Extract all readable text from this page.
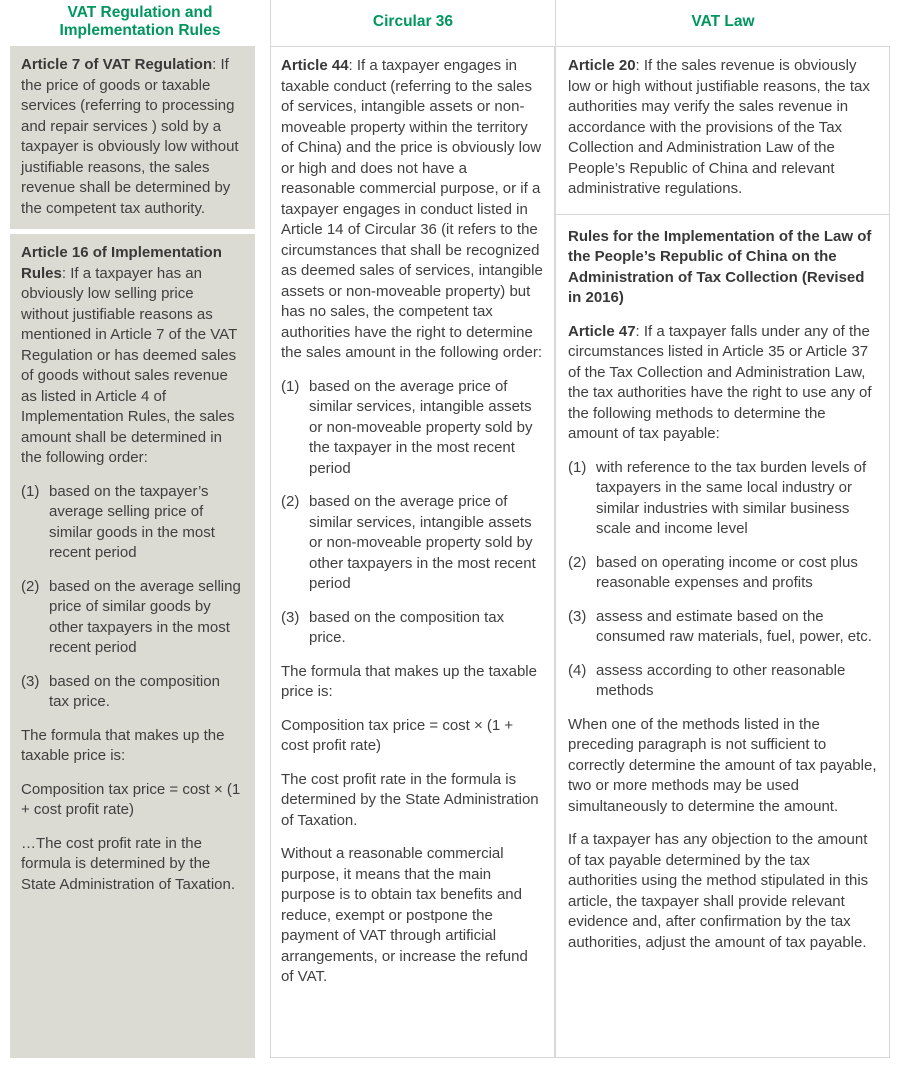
VAT Regulation and Implementation Rules
Circular 36	VAT Law

Article 7 of VAT Regulation: If the price of goods or taxable services (referring to processing and repair services ) sold by a taxpayer is obviously low without justifiable reasons, the sales revenue shall be determined by the competent tax authority.

Article 16 of Implementation Rules: If a taxpayer has an obviously low selling price without justifiable reasons as mentioned in Article 7 of the VAT Regulation or has deemed sales of goods without sales revenue as listed in Article 4 of Implementation Rules, the sales amount shall be determined in the following order:

(1) based on the taxpayer’s average selling price of similar goods in the most recent period
(2) based on the average selling price of similar goods by other taxpayers in the most recent period
(3) based on the composition tax price.

The formula that makes up the taxable price is:

Composition tax price = cost × (1 + cost profit rate)

…The cost profit rate in the formula is determined by the State Administration of Taxation.

Article 44: If a taxpayer engages in taxable conduct (referring to the sales of services, intangible assets or non-moveable property within the territory of China) and the price is obviously low or high and does not have a reasonable commercial purpose, or if a taxpayer engages in conduct listed in Article 14 of Circular 36 (it refers to the circumstances that shall be recognized as deemed sales of services, intangible assets or non-moveable property) but has no sales, the competent tax authorities have the right to determine the sales amount in the following order:

(1) based on the average price of similar services, intangible assets or non-moveable property sold by the taxpayer in the most recent period
(2) based on the average price of similar services, intangible assets or non-moveable property sold by other taxpayers in the most recent period
(3) based on the composition tax price.

The formula that makes up the taxable price is:

Composition tax price = cost × (1 + cost profit rate)

The cost profit rate in the formula is determined by the State Administration of Taxation.

Without a reasonable commercial purpose, it means that the main purpose is to obtain tax benefits and reduce, exempt or postpone the payment of VAT through artificial arrangements, or increase the refund of VAT.

Article 20: If the sales revenue is obviously low or high without justifiable reasons, the tax authorities may verify the sales revenue in accordance with the provisions of the Tax Collection and Administration Law of the People’s Republic of China and relevant administrative regulations.

Rules for the Implementation of the Law of the People’s Republic of China on the Administration of Tax Collection (Revised in 2016)

Article 47: If a taxpayer falls under any of the circumstances listed in Article 35 or Article 37 of the Tax Collection and Administration Law, the tax authorities have the right to use any of the following methods to determine the amount of tax payable:

(1) with reference to the tax burden levels of taxpayers in the same local industry or similar industries with similar business scale and income level
(2) based on operating income or cost plus reasonable expenses and profits
(3) assess and estimate based on the consumed raw materials, fuel, power, etc.
(4) assess according to other reasonable methods

When one of the methods listed in the preceding paragraph is not sufficient to correctly determine the amount of tax payable, two or more methods may be used simultaneously to determine the amount.

If a taxpayer has any objection to the amount of tax payable determined by the tax authorities using the method stipulated in this article, the taxpayer shall provide relevant evidence and, after confirmation by the tax authorities, adjust the amount of tax payable.
